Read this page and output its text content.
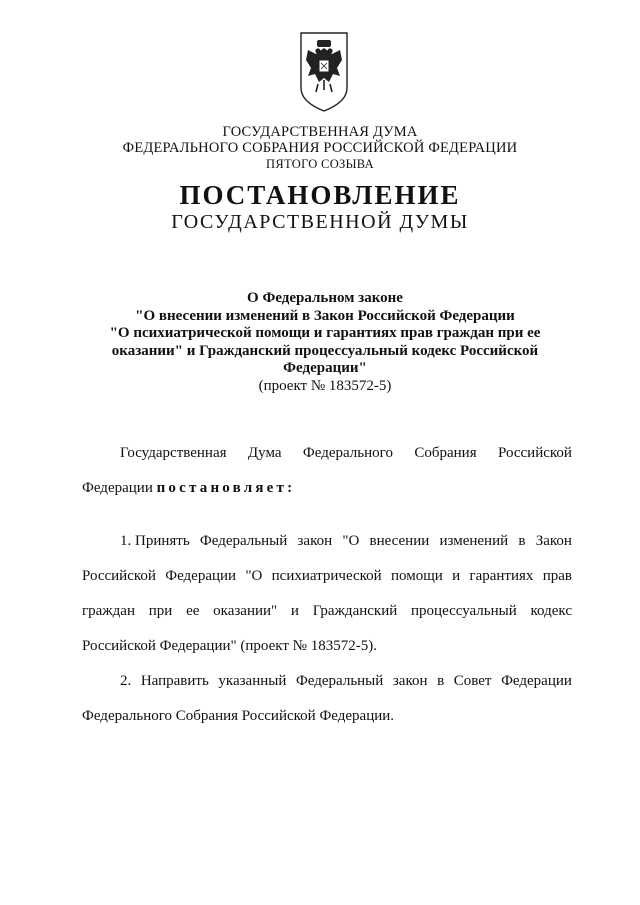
ГОСУДАРСТВЕННАЯ ДУМА
ФЕДЕРАЛЬНОГО СОБРАНИЯ РОССИЙСКОЙ ФЕДЕРАЦИИ
ПЯТОГО СОЗЫВА
ПОСТАНОВЛЕНИЕ
ГОСУДАРСТВЕННОЙ ДУМЫ
О Федеральном законе
"О внесении изменений в Закон Российской Федерации
"О психиатрической помощи и гарантиях прав граждан при ее
оказании" и Гражданский процессуальный кодекс Российской
Федерации"
(проект № 183572-5)
Государственная Дума Федерального Собрания Российской
Федерации постановляет:
1. Принять Федеральный закон "О внесении изменений в Закон
Российской Федерации "О психиатрической помощи и гарантиях прав
граждан при ее оказании" и Гражданский процессуальный кодекс
Российской Федерации" (проект № 183572-5).
2. Направить указанный Федеральный закон в Совет Федерации
Федерального Собрания Российской Федерации.
